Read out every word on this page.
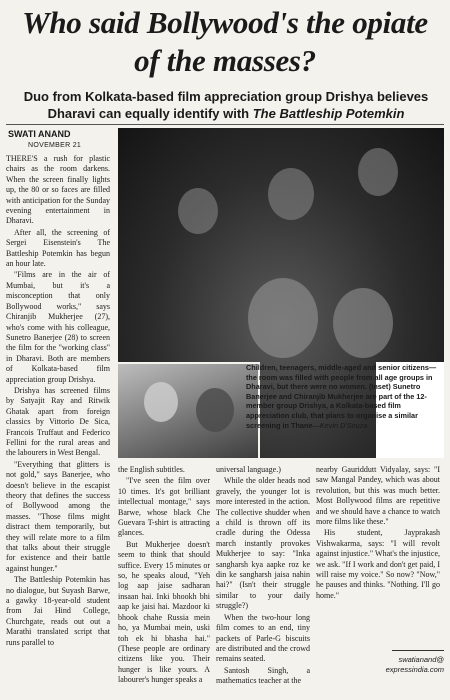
Who said Bollywood's the opiate of the masses?

Duo from Kolkata-based film appreciation group Drishya believes Dharavi can equally identify with The Battleship Potemkin

SWATI ANAND
NOVEMBER 21

THERE'S a rush for plastic chairs as the room darkens. When the screen finally lights up, the 80 or so faces are filled with anticipation for the Sunday evening entertainment in Dharavi.

After all, the screening of Sergei Eisenstein's The Battleship Potemkin has begun an hour late.

"Films are in the air of Mumbai, but it's a misconception that only Bollywood works," says Chiranjib Mukherjee (27), who's come with his colleague, Sunetro Banerjee (28) to screen the film for the "working class" in Dharavi. Both are members of Kolkata-based film appreciation group Drishya.

Drishya has screened films by Satyajit Ray and Ritwik Ghatak apart from foreign classics by Vittorio De Sica, Francois Truffaut and Federico Fellini for the rural areas and the labourers in West Bengal.

"Everything that glitters is not gold," says Banerjee, who doesn't believe in the escapist theory that defines the success of Bollywood among the masses. "Those films might distract them temporarily, but they will relate more to a film that talks about their struggle for existence and their battle against hunger."

The Battleship Potemkin has no dialogue, but Suyash Barwe, a gawky 18-year-old student from Jai Hind College, Churchgate, reads out out a Marathi translated script that runs parallel to

Children, teenagers, middle-aged and senior citizens—the room was filled with people from all age groups in Dharavi, but there were no women. (Inset) Sunetro Banerjee and Chiranjib Mukherjee are part of the 12-member group Drishya, a Kolkata-based film appreciation club, that plans to organise a similar screening in Thane—Kevin D'Souza

the English subtitles.

"I've seen the film over 10 times. It's got brilliant intellectual montage," says Barwe, whose black Che Guevara T-shirt is attracting glances.

But Mukherjee doesn't seem to think that should suffice. Every 15 minutes or so, he speaks aloud, "Yeh log aap jaise sadharan insaan hai. Inki bhookh bhi aap ke jaisi hai. Mazdoor ki bhook chahe Russia mein ho, ya Mumbai mein, uski toh ek hi bhasha hai." (These people are ordinary citizens like you. Their hunger is like yours. A labourer's hunger speaks a

universal language.)

While the older heads nod gravely, the younger lot is more interested in the action. The collective shudder when a child is thrown off its cradle during the Odessa march instantly provokes Mukherjee to say: "Inka sangharsh kya aapke roz ke din ke sangharsh jaisa nahin hai?" (Isn't their struggle similar to your daily struggle?)

When the two-hour long film comes to an end, tiny packets of Parle-G biscuits are distributed and the crowd remains seated.

Santosh Singh, a mathematics teacher at the

nearby Gauriddutt Vidyalay, says: "I saw Mangal Pandey, which was about revolution, but this was much better. Most Bollywood films are repetitive and we should have a chance to watch more films like these."

His student, Jayprakash Vishwakarma, says: "I will revolt against injustice." What's the injustice, we ask. "If I work and don't get paid, I will raise my voice." So now? "Now," he pauses and thinks. "Nothing. I'll go home."

swatianand@
expressindia.com
